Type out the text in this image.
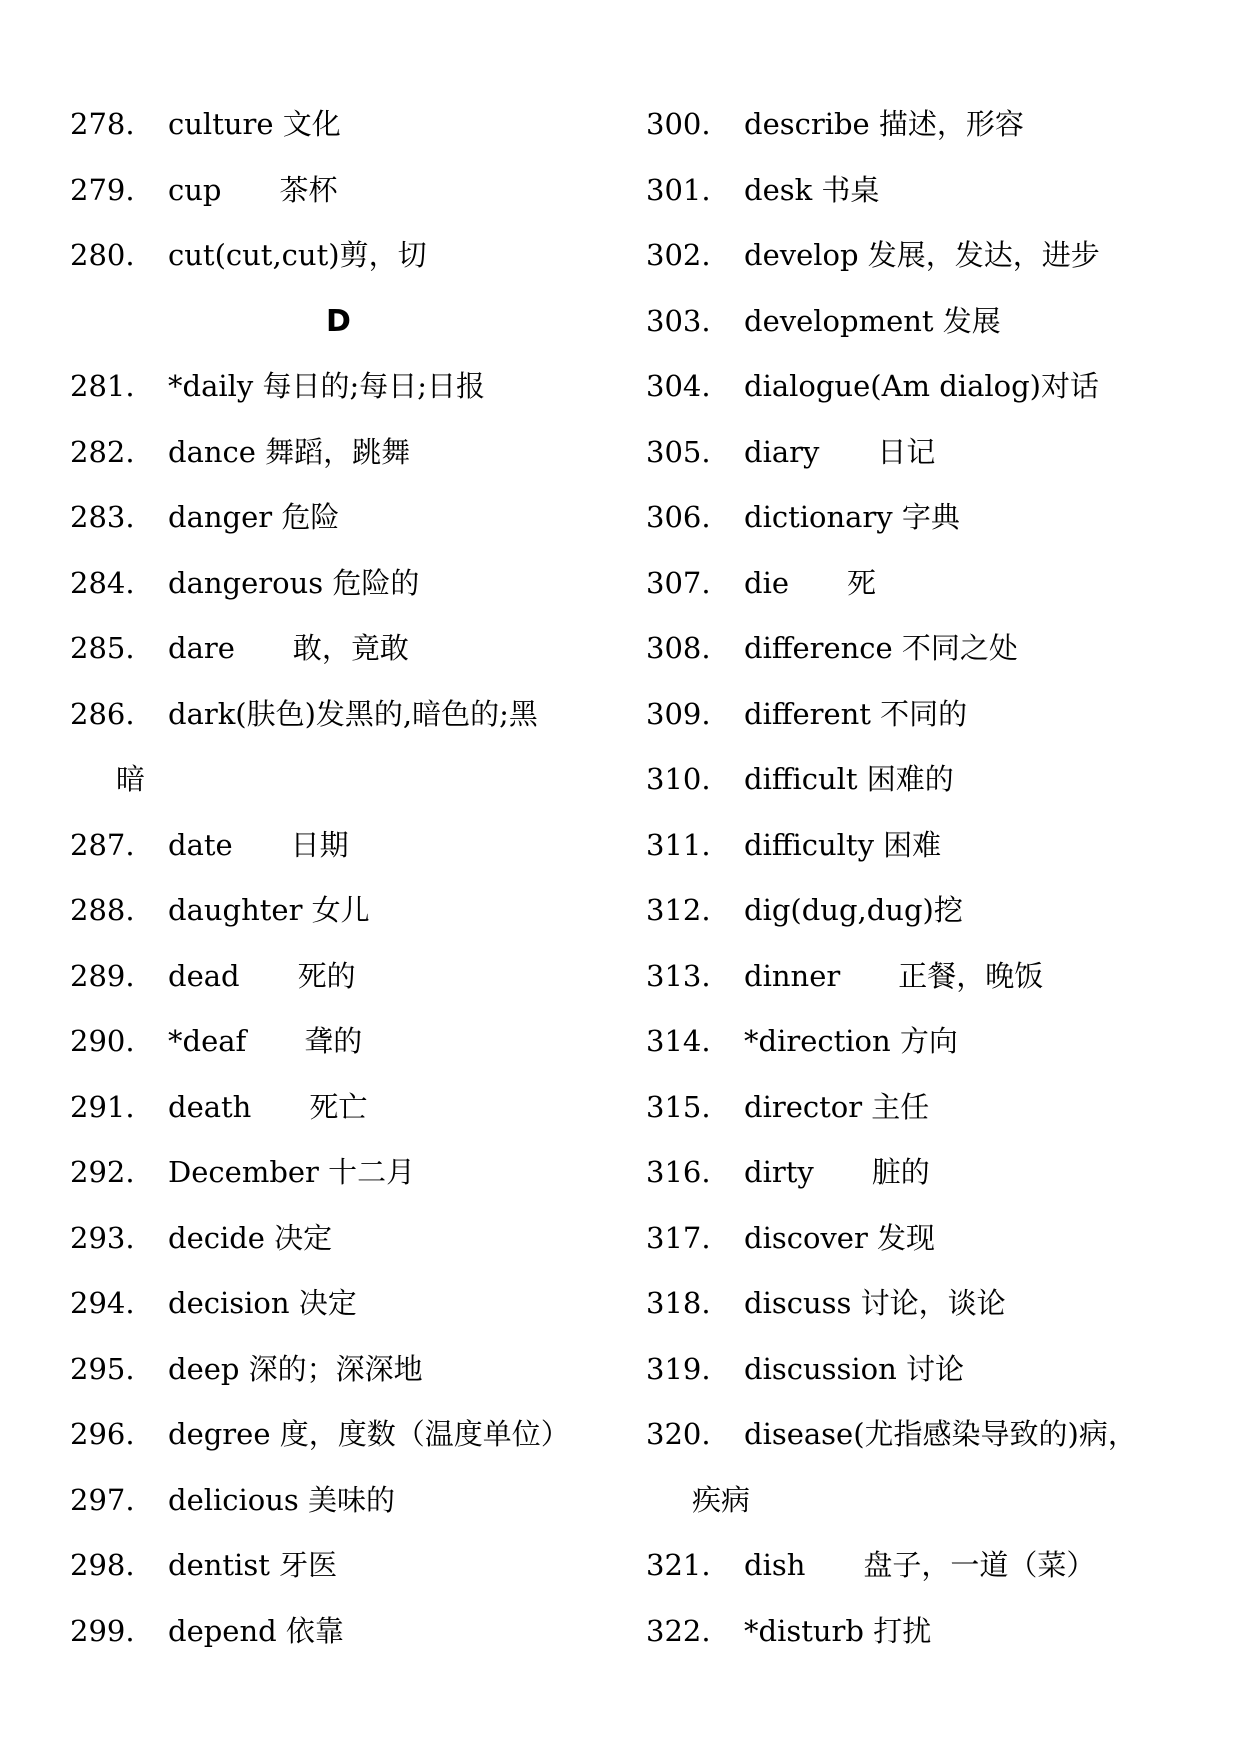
278. culture 文化
279. cup  茶杯
280. cut(cut,cut)剪，切
D
281. *daily 每日的;每日;日报
282. dance 舞蹈，跳舞
283. danger 危险
284. dangerous 危险的
285. dare  敢，竟敢
286. dark(肤色)发黑的,暗色的;黑
暗
287. date  日期
288. daughter 女儿
289. dead  死的
290. *deaf  聋的
291. death  死亡
292. December 十二月
293. decide 决定
294. decision 决定
295. deep 深的；深深地
296. degree 度，度数（温度单位）
297. delicious 美味的
298. dentist 牙医
299. depend 依靠
300. describe 描述，形容
301. desk 书桌
302. develop 发展，发达，进步
303. development 发展
304. dialogue(Am dialog)对话
305. diary  日记
306. dictionary 字典
307. die  死
308. difference 不同之处
309. different 不同的
310. difficult 困难的
311. difficulty 困难
312. dig(dug,dug)挖
313. dinner  正餐，晚饭
314. *direction 方向
315. director 主任
316. dirty  脏的
317. discover 发现
318. discuss 讨论，谈论
319. discussion 讨论
320. disease(尤指感染导致的)病，
疾病
321. dish  盘子，一道（菜）
322. *disturb 打扰
